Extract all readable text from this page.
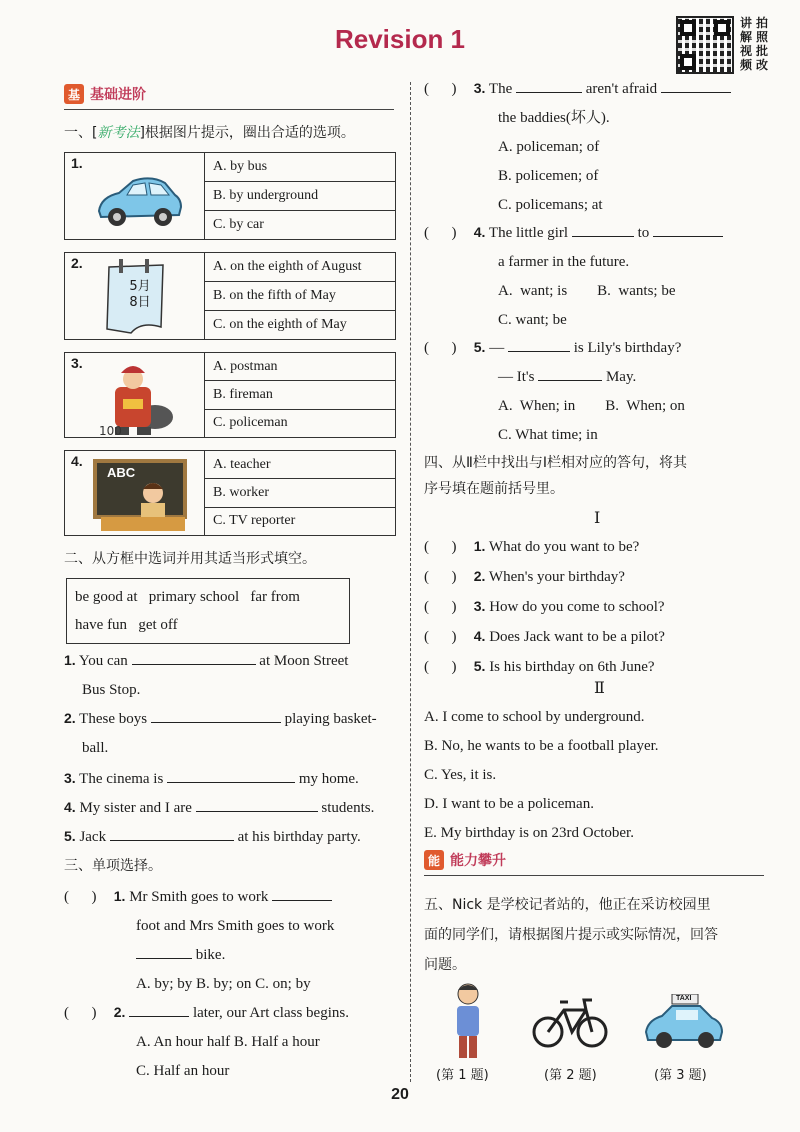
Revision 1
讲 拍
解 照
视 批
频 改
基 基础进阶
一、[新考法]根据图片提示，圈出合适的选项。
1.	A. by bus
B. by underground
C. by car
2.
5月
8日
A. on the eighth of August
B. on the fifth of May
C. on the eighth of May
3.
100
A. postman
B. fireman
C. policeman
4.
ABC
A. teacher
B. worker
C. TV reporter
二、从方框中选词并用其适当形式填空。
be good at primary school far from
have fun get off
1. You can	at Moon Street
Bus Stop.
2. These boys	playing basket-
ball.
3. The cinema is	my home.
4. My sister and I are	students.
5. Jack	at his birthday party.
三、单项选择。
( ) 1. Mr Smith goes to work
foot and Mrs Smith goes to work
bike.
A. by; by B. by; on C. on; by
( ) 2.	later, our Art class begins.
A. An hour half B. Half a hour
C. Half an hour
( ) 3. The	aren't afraid
the baddies(坏人).
A. policeman; of
B. policemen; of
C. policemans; at
( ) 4. The little girl	to
a farmer in the future.
A.  want; is        B.  wants; be
C. want; be
( ) 5. —	is Lily's birthday?
— It's	May.
A.  When; in        B.  When; on
C. What time; in
四、从Ⅱ栏中找出与Ⅰ栏相对应的答句，将其
序号填在题前括号里。
Ⅰ
( ) 1. What do you want to be?
( ) 2. When's your birthday?
( ) 3. How do you come to school?
( ) 4. Does Jack want to be a pilot?
( ) 5. Is his birthday on 6th June?
Ⅱ
A. I come to school by underground.
B. No, he wants to be a football player.
C. Yes, it is.
D. I want to be a policeman.
E. My birthday is on 23rd October.
能 能力攀升
五、Nick 是学校记者站的，他正在采访校园里
面的同学们，请根据图片提示或实际情况，回答
问题。
TAXI
(第 1 题)	(第 2 题)	(第 3 题)
20
